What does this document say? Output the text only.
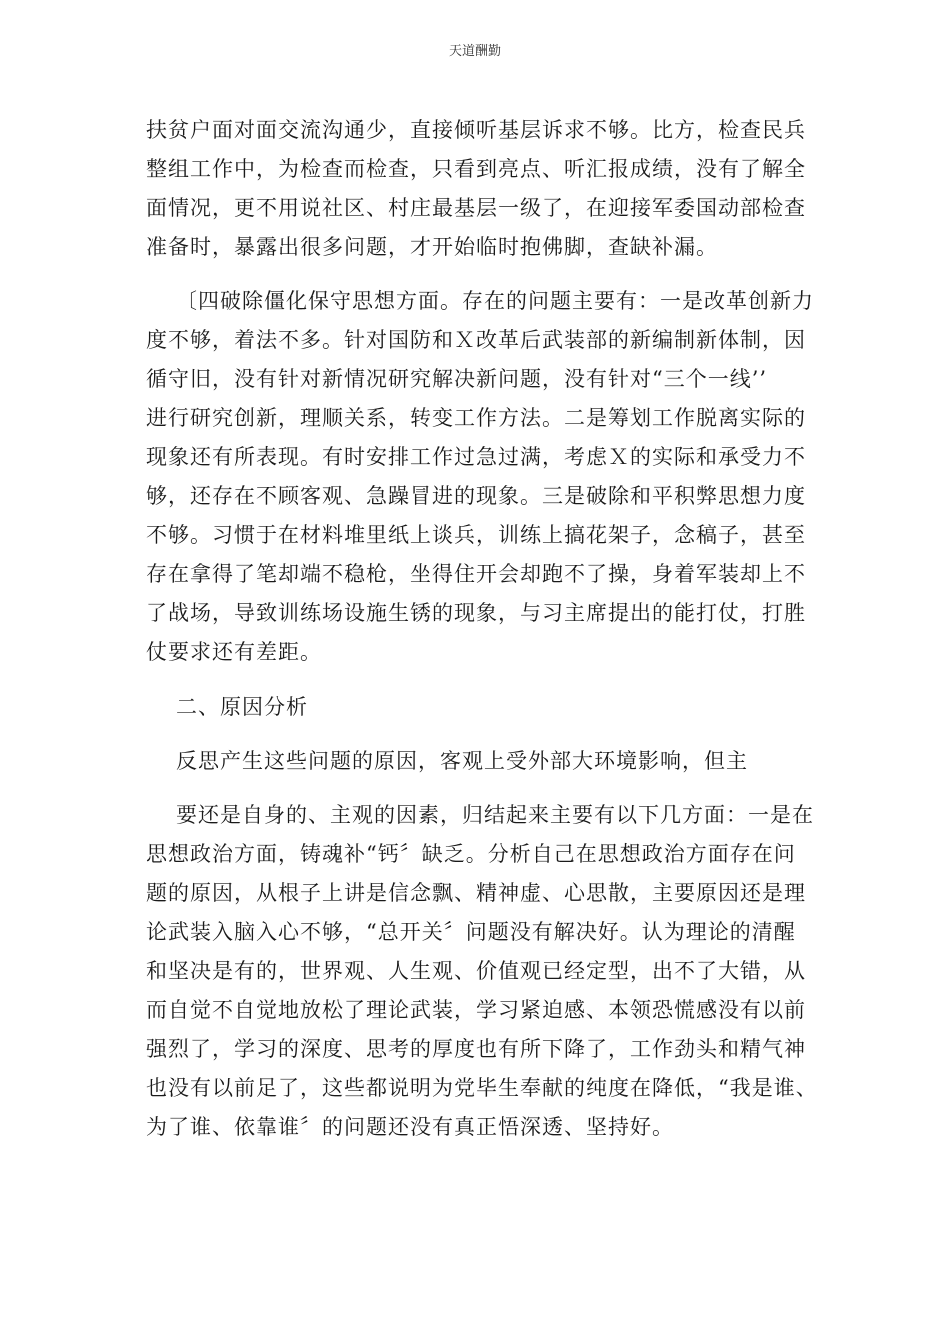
天道酬勤
扶贫户面对面交流沟通少，直接倾听基层诉求不够。比方，检查民兵
整组工作中，为检查而检查，只看到亮点、听汇报成绩，没有了解全
面情况，更不用说社区、村庄最基层一级了，在迎接军委国动部检查
准备时，暴露出很多问题，才开始临时抱佛脚，查缺补漏。
〔四破除僵化保守思想方面。存在的问题主要有：一是改革创新力
度不够，着法不多。针对国防和Ｘ改革后武装部的新编制新体制，因
循守旧，没有针对新情况研究解决新问题，没有针对“三个一线’’
进行研究创新，理顺关系，转变工作方法。二是筹划工作脱离实际的
现象还有所表现。有时安排工作过急过满，考虑Ｘ的实际和承受力不
够，还存在不顾客观、急躁冒进的现象。三是破除和平积弊思想力度
不够。习惯于在材料堆里纸上谈兵，训练上搞花架子，念稿子，甚至
存在拿得了笔却端不稳枪，坐得住开会却跑不了操，身着军装却上不
了战场，导致训练场设施生锈的现象，与习主席提出的能打仗，打胜
仗要求还有差距。
二、原因分析
反思产生这些问题的原因，客观上受外部大环境影响，但主
要还是自身的、主观的因素，归结起来主要有以下几方面：一是在
思想政治方面，铸魂补“钙〞缺乏。分析自己在思想政治方面存在问
题的原因，从根子上讲是信念飘、精神虚、心思散，主要原因还是理
论武装入脑入心不够，“总开关〞问题没有解决好。认为理论的清醒
和坚决是有的，世界观、人生观、价值观已经定型，出不了大错，从
而自觉不自觉地放松了理论武装，学习紧迫感、本领恐慌感没有以前
强烈了，学习的深度、思考的厚度也有所下降了，工作劲头和精气神
也没有以前足了，这些都说明为党毕生奉献的纯度在降低，“我是谁、
为了谁、依靠谁〞的问题还没有真正悟深透、坚持好。
